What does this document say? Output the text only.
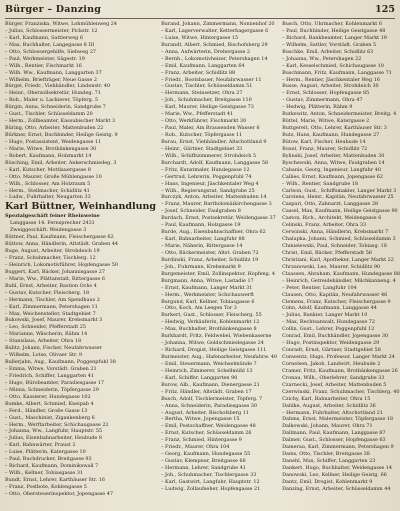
Bürger – Danzing	125
Bürger, Franziska, Witwe, Lohmühlenweg 24
– Julius, Schlossermeister, Pickstr. 12
– Karl, Kaufmann, Sattlerweg 6
– Max, Buchhalter, Langegasse 8 III
– Otto, Schlossergehilfe, Siebweg 27
– Paul, Werkmeister, Sägestr. 19
– Wilh., Rentier, Fischmarkt 16
– Wilh. Ww., Kaufmann, Langgarten 37
– Wilhelm, Briefträger, Neue Gasse 2
Bürgel, Friedr., Viehhändler, Lindenstr. 40
– Heinr., Oberzollsekretär, Hundeg. 71
– Rob., Maler u. Lackierer, Töpferg. 5
Bürgin, Anna, Schneiderin, Sandgrube 7
– Gust., Tischler, Schüsseldamm 20
– Herm., Zollbeamter, Kassubischer Markt 3
Büring, Otto, Arbeiter, Mattenbuden 22
Bürkner, Ernst, Buchbinder, Heilige Geistg. 9
– Hugo, Postassistent, Weidengasse 11
– Marie, Witwe, Brotbänkengasse 30
– Robert, Kaufmann, Holzmarkt 14
Büsching, Emil, Arbeiter, Ankerschmiedeg. 3
– Karl, Kutscher, Mottlauergasse 8
– Otto, Maurer, Große Mühlengasse 10
– Wilh., Schlosser, Am Holzraum 5
– Herm., Stellmacher, Schidlitz 41
– Ludw., Fuhrhalter, Neugarten 33
Karl Büttner, Weinhandlung
Spezialgeschäft feiner Rheinweine
Langgasse 14. Fernsprecher 2431
Zweiggeschäft: Weidengasse 3
Büttner, Paul, Kaufmann, Fleischergasse 62
Büttow, Anna, Händlerin, Altstädt. Graben 44
Buge, August, Arbeiter, Strohdeich 19
– Franz, Schuhmacher, Tischlerg. 12
– Heinrich, Lokomotivführer, Hopfengasse 50
Buggert, Karl, Bäcker, Johannisgasse 27
– Marie, Ww., Plättanstalt, Rittergasse 6
Buhl, Ernst, Arbeiter, Bastion Ochs 4
– Gustav, Kutscher, Fleischerg. 18
– Hermann, Tischler, Am Spendhaus 2
– Karl, Zimmermann, Petershagen 11
– Max, Weichensteller, Stadtgebiet 7
Bukowski, Josef, Maurer, Krebsmarkt 3
– Leo, Schneider, Pfefferstadt 25
– Marianne, Wäscherin, Rähm 14
– Stanislaus, Arbeiter, Ohra 18
Bulitz, Johann, Fischer, Neufahrwasser
– Wilhelm, Lotse, Olivaer Str. 9
Bullerjahn, Aug., Kaufmann, Poggenpfuhl 38
– Emma, Witwe, Vorstädt. Graben 21
– Friedrich, Schiffer, Langgarten 41
– Hugo, Bürobeamter, Paradiesgasse 17
– Minna, Schneiderin, Töpfergasse 29
– Otto, Kassierer, Hundegasse 102
Bumke, Albert, Schmied, Kneipab 4
– Ferd., Händler, Große Gasse 13
– Gust., Maschinist, Zigankenberg 6
– Herm., Werftarbeiter, Schichaugasse 22
– Johanna, Ww., Langfuhr, Hauptstr. 55
– Julius, Eisenbahnarbeiter, Heubude 8
– Karl, Bahnwärter, Praust 2
– Luise, Plätterin, Katergasse 10
– Paul, Buchdrucker, Breitgasse 93
– Richard, Kaufmann, Dominikswall 7
– Wilh., Kellner, Tobiasgasse 31
Bundt, Ernst, Lehrer, Karthäuser Str. 16
– Franz, Postbote, Kohlengasse 5
– Otto, Obersteuerinspektor, Jopengasse 47
Burand, Johann, Zimmermann, Nonnenhof 20
– Karl, Lagerverwalter, Ketterhagergasse 6
– Luise, Witwe, Hintergasse 15
Burandt, Albert, Schmied, Bischofsberg 29
– Anna, Aufwärterin, Drehergasse 2
– Bernh., Lokomotivheizer, Petershagen 14
– Emil, Kaufmann, Langgarten 64
– Franz, Arbeiter, Schidlitz 88
– Friedr., Bootsbauer, Neufahrwasser 11
– Gustav, Tischler, Schüsseldamm 51
– Hermann, Steinsetzer, Ohra 27
– Joh., Schuhmacher, Breitgasse 110
– Karl, Maurer, Heilige Geistgasse 73
– Marie, Ww., Pfefferstadt 41
– Otto, Werkführer, Fischmarkt 30
– Paul, Maler, Am Brausenden Wasser 6
– Rob., Kutscher, Töpfergasse 11
Burau, Ernst, Viehhändler, Altschottland 9
– Heinr., Gärtner, Stadtgebiet 33
– Wilh., Schiffszimmerer, Strohdeich 5
Burchardt, Adolf, Kaufmann, Langgasse 58
– Fritz, Kunstmaler, Hundegasse 12
– Gertrud, Lehrerin, Poggenpfuhl 74
– Hans, Ingenieur, Jäschkentaler Weg 4
– Wilh., Regierungsrat, Sandgrube 25
Burczyk, Anton, Arbeiter, Mattenbuden 14
– Franz, Maurer, Bartholomäikirchengasse 3
– Josef, Schneider, Faulgraben 8
Burdach, Ernst, Postsekretär, Weidengasse 37
– Paul, Kaufmann, Holzgasse 19
Burde, Aug., Eisenbahnschaffner, Ohra 62
– Karl, Bahnarbeiter, Langfuhr 88
– Marie, Näherin, Rittergasse 14
– Otto, Bäckermeister, Altst. Graben 72
Burdinski, Franz, Arbeiter, Schidlitz 19
– Joh., Fuhrmann, Krebsmarkt 9
Burgemeister, Emil, Zollinspektor, Hopfeng. 4
Burgmann, Anna, Witwe, Lastadie 17
– Ernst, Kaufmann, Langer Markt 31
– Herm., Werkmeister, Schichauwerft
Burgund, Karl, Kellner, Tobiasgasse 6
– Otto, Koch, Am Leegen Tor 3
Burkert, Gust., Schlosser, Fleischerg. 55
– Hedwig, Verkäuferin, Kohlenmarkt 12
– Max, Buchhalter, Brotbänkengasse 8
Burkhardt, Fritz, Feldwebel, Wiebenkaserne
– Johanna, Witwe, Goldschmiedegasse 24
– Richard, Drogist, Heilige Geistgasse 111
Burmeister, Aug., Hafenarbeiter, Neufahrw. 40
– Emil, Steuermann, Weichselmünde 7
– Heinrich, Zimmerer, Schellmühl 13
– Karl, Schiffer, Langgarten 90
Burow, Alb., Kaufmann, Dienergasse 21
– Fritz, Händler, Altstädt. Graben 17
Busch, Adolf, Tischlermeister, Töpferg. 7
– Anna, Schneiderin, Paradiesgasse 30
– August, Arbeiter, Bischofsberg 11
– Bertha, Witwe, Jopengasse 15
– Emil, Postschaffner, Weidengasse 48
– Ernst, Kutscher, Schüsseldamm 26
– Franz, Schmied, Hintergasse 9
– Friedr., Maurer, Ohra 104
– Georg, Kaufmann, Hundegasse 55
– Gustav, Klempner, Breitgasse 66
– Hermann, Lehrer, Sandgrube 41
– Joh., Schuhmacher, Tischlergasse 33
– Karl, Gastwirt, Langfuhr, Hauptstr. 12
– Ludwig, Zollaufseher, Hopfengasse 21
Busch, Otto, Uhrmacher, Kohlenmarkt 6
– Paul, Buchbinder, Heilige Geistgasse 48
– Richard, Bankbeamter, Langer Markt 19
– Wilhelm, Sattler, Vorstädt. Graben 5
Buschke, Emil, Arbeiter, Schidlitz 63
– Johanna, Ww., Petershagen 22
– Karl, Kesselschmied, Schichaugasse 10
Buschmann, Fritz, Kaufmann, Langgasse 71
– Herm., Rentier, Jäschkentaler Weg 16
Busse, August, Arbeiter, Strohdeich 30
– Ernst, Schlosser, Hopfengasse 85
– Gustav, Zimmermann, Ohra 47
– Hedwig, Plätterin, Rähm 9
Butkewitz, Anton, Schneidermeister, Breitg. 4
Büttel, Marie, Witwe, Katergasse 2
Buttgereit, Otto, Lehrer, Karthäuser Str. 3
Butz, Hans, Kaufmann, Hundegasse 27
Bütow, Karl, Fischer, Heubude 14
Buxel, Franz, Maurer, Schidlitz 72
Bylinski, Josef, Arbeiter, Mattenbuden 30
Byschewski, Anna, Witwe, Faulgraben 14
Cabanis, Georg, Ingenieur, Langfuhr 40
Callies, Ernst, Kaufmann, Jopengasse 62
– Wilh., Rentier, Sandgrube 18
Carlson, Gust., Schiffsmakler, Langer Markt 3
Carstens, Heinr., Kapitän, Neufahrwasser 25
Caspari, Otto, Zahnarzt, Langgasse 28
Cassel, Max, Kaufmann, Heilige Geistgasse 90
Caston, Rich., Architekt, Weidengasse 6
Celinski, Franz, Arbeiter, Ohra 33
Cerwinski, Anna, Händlerin, Krebsmarkt 7
Chalupka, Johann, Schmied, Schüsseldamm 3
Chmielewski, Paul, Schneider, Tobiasg. 18
Christ, Emil, Bäcker, Pfefferstadt 56
Christiani, Karl, Apotheker, Langer Markt 22
Chrzanowski, Leo, Maurer, Schidlitz 90
Claassen, Abraham, Kaufmann, Hundegasse 88
– Heinrich, Getreidehändler, Milchkanneng. 4
– Peter, Rentier, Langfuhr 104
Clausen, Otto, Kapitän, Neufahrwasser 46
Clemens, Franz, Kutscher, Fleischergasse 9
Cohn, Adolf, Kaufmann, Langgasse 44
– Julius, Bankier, Langer Markt 10
– Max, Rechtsanwalt, Hundegasse 72
Collin, Gust., Lehrer, Poggenpfuhl 12
Conrad, Emil, Buchhändler, Jopengasse 30
– Hugo, Postinspektor, Weidengasse 29
Conradt, Ernst, Gärtner, Stadtgebiet 58
Conwentz, Hugo, Professor, Langer Markt 24
Cornelsen, Jakob, Landwirt, Heubude 2
Cramer, Fritz, Kaufmann, Brotbänkengasse 26
Cronau, Wilh., Oberlehrer, Sandgrube 33
Czarnecki, Josef, Arbeiter, Mattenbuden 5
Czerwinski, Franz, Schuhmacher, Tischlerg. 40
Czichy, Karl, Bahnarbeiter, Ohra 15
Dahlke, August, Arbeiter, Schidlitz 36
– Hermann, Fuhrhalter, Altschottland 21
Dahms, Ernst, Malermeister, Töpfergasse 18
Dalkowski, Johann, Maurer, Ohra 71
Dallmann, Paul, Kaufmann, Langgasse 87
Dalmer, Gust., Schlosser, Hopfengasse 63
Damerau, Karl, Zimmermann, Petershagen 9
Dams, Otto, Tischler, Breitgasse 38
Danehl, Max, Schiffer, Langgarten 23
Dankert, Hugo, Buchhalter, Weidengasse 14
Danowski, Leo, Kellner, Heilige Geistg. 66
Dantz, Emil, Drogist, Kohlenmarkt 9
Danzing, Ernst, Arbeiter, Schüsseldamm 44
